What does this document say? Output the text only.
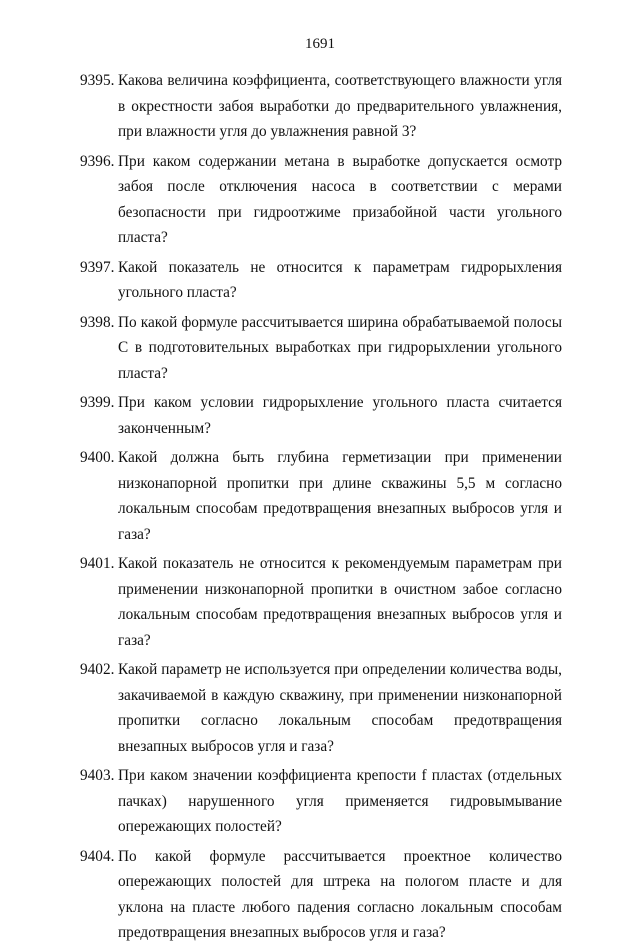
1691
9395. Какова величина коэффициента, соответствующего влажности угля в окрестности забоя выработки до предварительного увлажнения, при влажности угля до увлажнения равной 3?
9396. При каком содержании метана в выработке допускается осмотр забоя после отключения насоса в соответствии с мерами безопасности при гидроотжиме призабойной части угольного пласта?
9397. Какой показатель не относится к параметрам гидрорыхления угольного пласта?
9398. По какой формуле рассчитывается ширина обрабатываемой полосы С в подготовительных выработках при гидрорыхлении угольного пласта?
9399. При каком условии гидрорыхление угольного пласта считается законченным?
9400. Какой должна быть глубина герметизации при применении низконапорной пропитки при длине скважины 5,5 м согласно локальным способам предотвращения внезапных выбросов угля и газа?
9401. Какой показатель не относится к рекомендуемым параметрам при применении низконапорной пропитки в очистном забое согласно локальным способам предотвращения внезапных выбросов угля и газа?
9402. Какой параметр не используется при определении количества воды, закачиваемой в каждую скважину, при применении низконапорной пропитки согласно локальным способам предотвращения внезапных выбросов угля и газа?
9403. При каком значении коэффициента крепости f пластах (отдельных пачках) нарушенного угля применяется гидровымывание опережающих полостей?
9404. По какой формуле рассчитывается проектное количество опережающих полостей для штрека на пологом пласте и для уклона на пласте любого падения согласно локальным способам предотвращения внезапных выбросов угля и газа?
